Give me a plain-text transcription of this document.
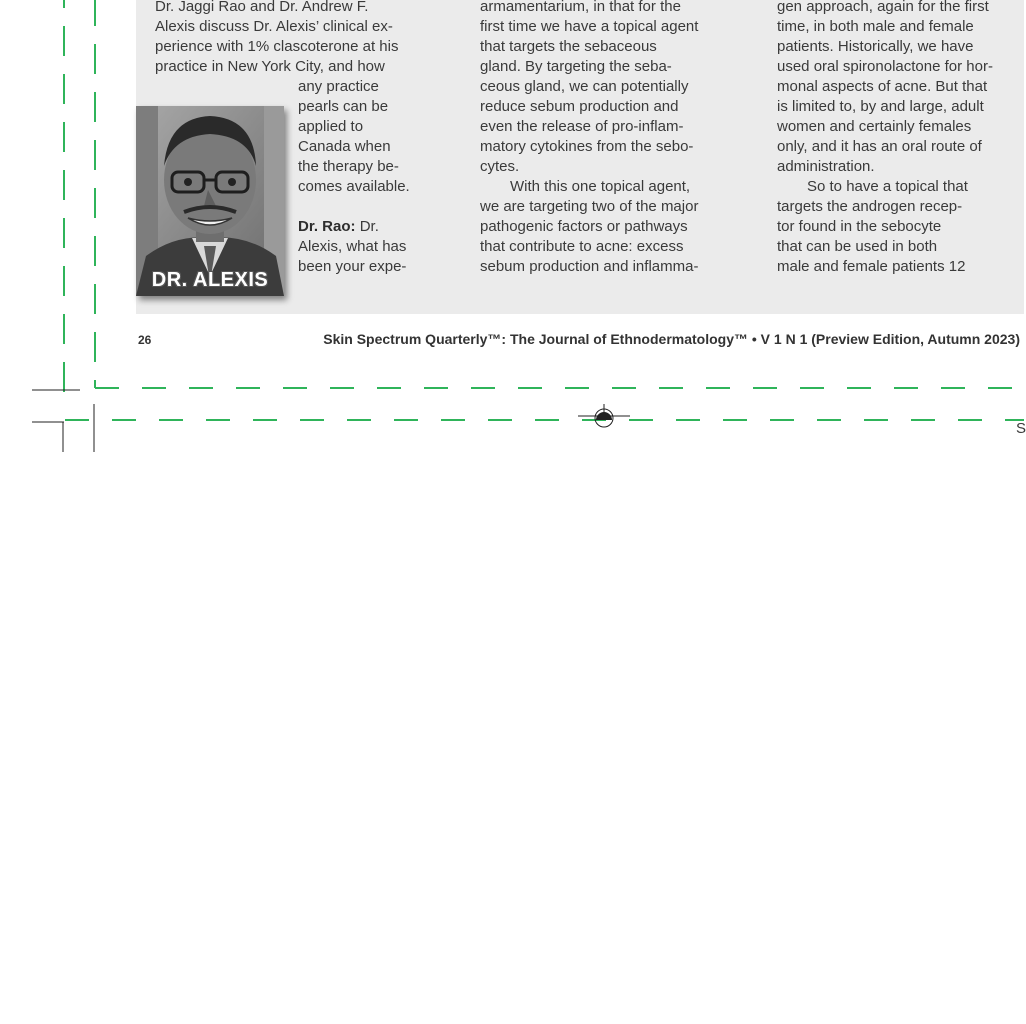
Dr. Jaggi Rao and Dr. Andrew F.
Alexis discuss Dr. Alexis’ clinical ex-
perience with 1% clascoterone at his
practice in New York City, and how
any practice
pearls can be
applied to
Canada when
the therapy be-
comes available.
Dr. Rao: Dr.
Alexis, what has
been your expe-
DR. ALEXIS
armamentarium, in that for the
first time we have a topical agent
that targets the sebaceous
gland. By targeting the seba-
ceous gland, we can potentially
reduce sebum production and
even the release of pro-inflam-
matory cytokines from the sebo-
cytes.
With this one topical agent,
we are targeting two of the major
pathogenic factors or pathways
that contribute to acne: excess
sebum production and inflamma-
gen approach, again for the first
time, in both male and female
patients. Historically, we have
used oral spironolactone for hor-
monal aspects of acne. But that
is limited to, by and large, adult
women and certainly females
only, and it has an oral route of
administration.
So to have a topical that
targets the androgen recep-
tor found in the sebocyte
that can be used in both
male and female patients 12
26	Skin Spectrum Quarterly™: The Journal of Ethnodermatology™ • V 1 N 1 (Preview Edition, Autumn 2023)
S
